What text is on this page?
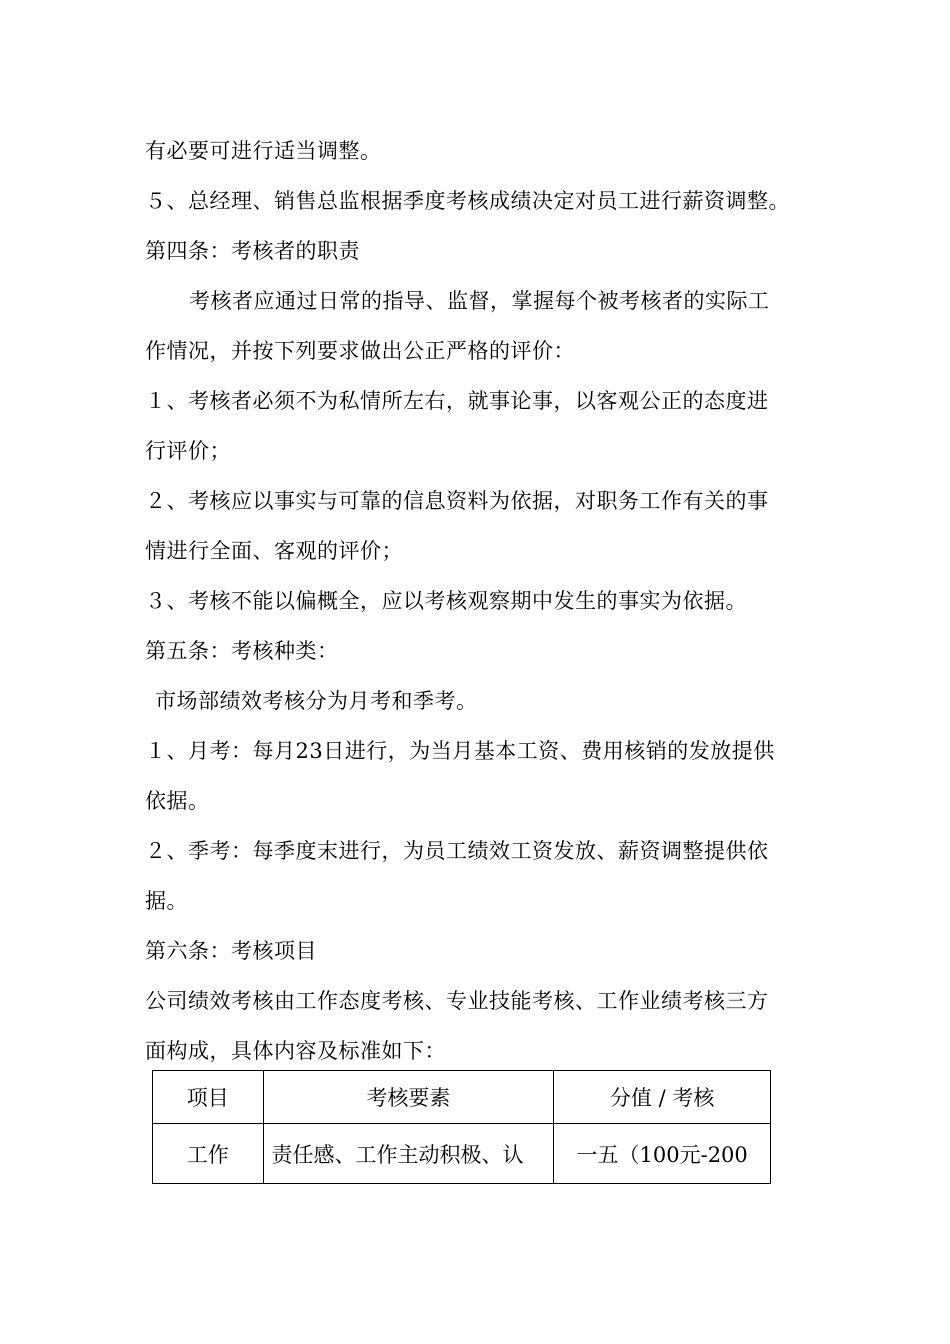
有必要可进行适当调整。
５、总经理、销售总监根据季度考核成绩决定对员工进行薪资调整。
第四条：考核者的职责
考核者应通过日常的指导、监督，掌握每个被考核者的实际工
作情况，并按下列要求做出公正严格的评价：
１、考核者必须不为私情所左右，就事论事，以客观公正的态度进
行评价；
２、考核应以事实与可靠的信息资料为依据，对职务工作有关的事
情进行全面、客观的评价；
３、考核不能以偏概全，应以考核观察期中发生的事实为依据。
第五条：考核种类：
市场部绩效考核分为月考和季考。
１、月考：每月23日进行，为当月基本工资、费用核销的发放提供
依据。
２、季考：每季度末进行，为员工绩效工资发放、薪资调整提供依
据。
第六条：考核项目
公司绩效考核由工作态度考核、专业技能考核、工作业绩考核三方
面构成，具体内容及标准如下：
项目	考核要素	分值 / 考核
工作	责任感、工作主动积极、认	一五（100元-200
